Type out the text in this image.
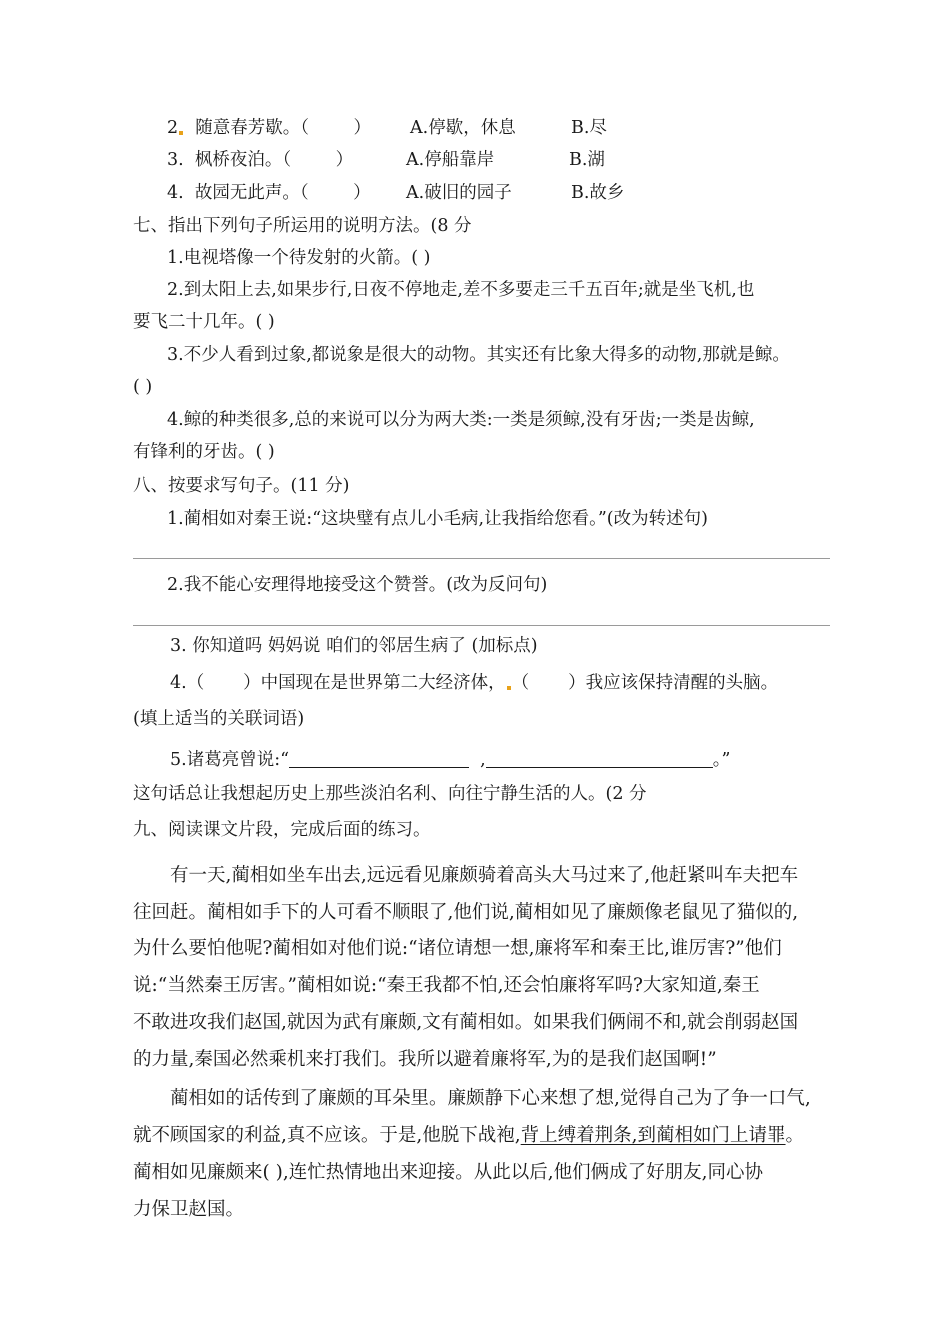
2 随意春芳歇。（        ） A.停歇，休息	B.尽
3. 枫桥夜泊。（        ）	A.停船靠岸	B.湖
4. 故园无此声。（        ） A.破旧的园子	B.故乡
七、指出下列句子所运用的说明方法。(8 分
1.电视塔像一个待发射的火箭。( )
2.到太阳上去,如果步行,日夜不停地走,差不多要走三千五百年;就是坐飞机,也
要飞二十几年。( )
3.不少人看到过象,都说象是很大的动物。其实还有比象大得多的动物,那就是鲸。
( )
4.鲸的种类很多,总的来说可以分为两大类:一类是须鲸,没有牙齿;一类是齿鲸,
有锋利的牙齿。( )
八、按要求写句子。(11 分)
1.蔺相如对秦王说:“这块璧有点儿小毛病,让我指给您看。”(改为转述句)
2.我不能心安理得地接受这个赞誉。(改为反问句)
3. 你知道吗 妈妈说 咱们的邻居生病了 (加标点)
4.（       ）中国现在是世界第二大经济体， （       ）我应该保持清醒的头脑。
(填上适当的关联词语)
5.诸葛亮曾说:“	,	。”
这句话总让我想起历史上那些淡泊名利、向往宁静生活的人。(2 分
九、阅读课文片段，完成后面的练习。
有一天,蔺相如坐车出去,远远看见廉颇骑着高头大马过来了,他赶紧叫车夫把车
往回赶。蔺相如手下的人可看不顺眼了,他们说,蔺相如见了廉颇像老鼠见了猫似的,
为什么要怕他呢?蔺相如对他们说:“诸位请想一想,廉将军和秦王比,谁厉害?”他们
说:“当然秦王厉害。”蔺相如说:“秦王我都不怕,还会怕廉将军吗?大家知道,秦王
不敢进攻我们赵国,就因为武有廉颇,文有蔺相如。如果我们俩闹不和,就会削弱赵国
的力量,秦国必然乘机来打我们。我所以避着廉将军,为的是我们赵国啊!”
蔺相如的话传到了廉颇的耳朵里。廉颇静下心来想了想,觉得自己为了争一口气,
就不顾国家的利益,真不应该。于是,他脱下战袍,背上缚着荆条,到蔺相如门上请罪。
蔺相如见廉颇来( ),连忙热情地出来迎接。从此以后,他们俩成了好朋友,同心协
力保卫赵国。
